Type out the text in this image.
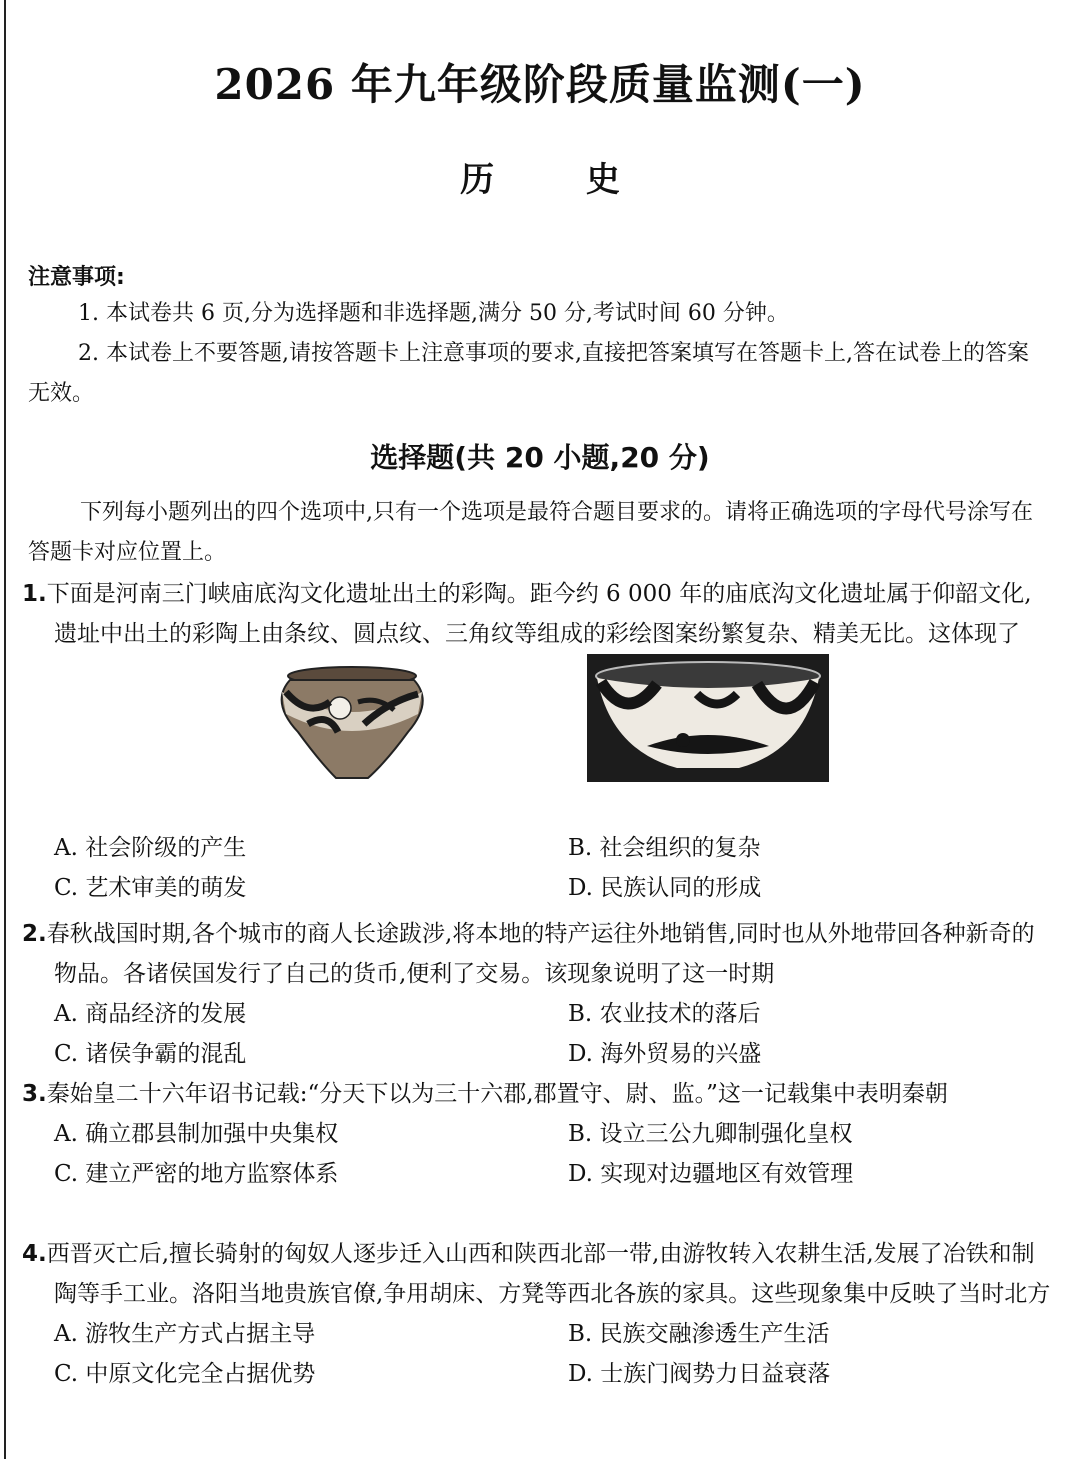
2026 年九年级阶段质量监测(一)
历 史
注意事项:
1. 本试卷共 6 页,分为选择题和非选择题,满分 50 分,考试时间 60 分钟。
2. 本试卷上不要答题,请按答题卡上注意事项的要求,直接把答案填写在答题卡上,答在试卷上的答案无效。
选择题(共 20 小题,20 分)
下列每小题列出的四个选项中,只有一个选项是最符合题目要求的。请将正确选项的字母代号涂写在答题卡对应位置上。
1.下面是河南三门峡庙底沟文化遗址出土的彩陶。距今约 6 000 年的庙底沟文化遗址属于仰韶文化,遗址中出土的彩陶上由条纹、圆点纹、三角纹等组成的彩绘图案纷繁复杂、精美无比。这体现了
A. 社会阶级的产生	B. 社会组织的复杂
C. 艺术审美的萌发	D. 民族认同的形成
2.春秋战国时期,各个城市的商人长途跋涉,将本地的特产运往外地销售,同时也从外地带回各种新奇的物品。各诸侯国发行了自己的货币,便利了交易。该现象说明了这一时期
A. 商品经济的发展	B. 农业技术的落后
C. 诸侯争霸的混乱	D. 海外贸易的兴盛
3.秦始皇二十六年诏书记载:“分天下以为三十六郡,郡置守、尉、监。”这一记载集中表明秦朝
A. 确立郡县制加强中央集权	B. 设立三公九卿制强化皇权
C. 建立严密的地方监察体系	D. 实现对边疆地区有效管理
4.西晋灭亡后,擅长骑射的匈奴人逐步迁入山西和陕西北部一带,由游牧转入农耕生活,发展了冶铁和制陶等手工业。洛阳当地贵族官僚,争用胡床、方凳等西北各族的家具。这些现象集中反映了当时北方
A. 游牧生产方式占据主导	B. 民族交融渗透生产生活
C. 中原文化完全占据优势	D. 士族门阀势力日益衰落
